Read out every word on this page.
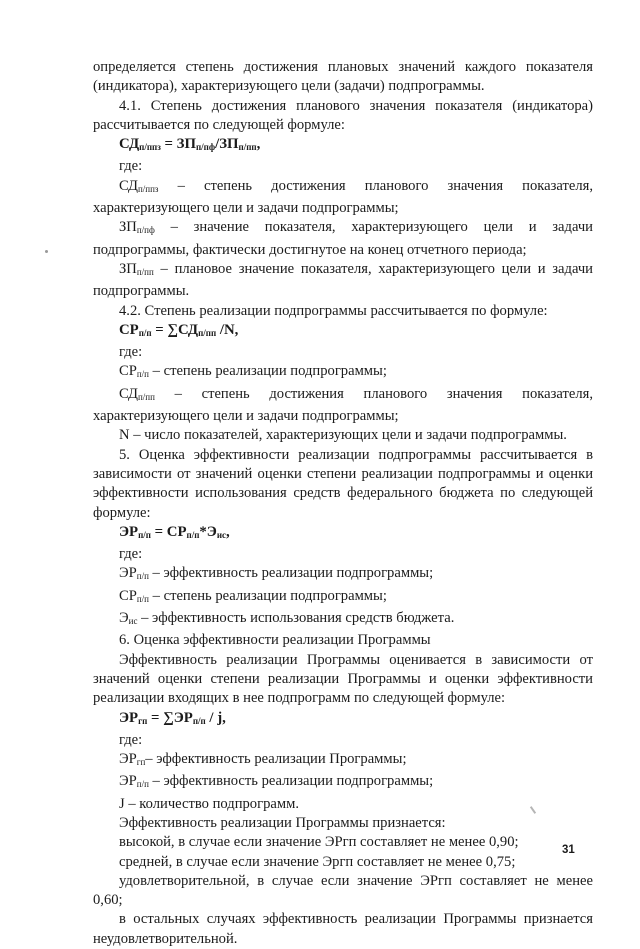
определяется степень достижения плановых значений каждого показателя (индикатора), характеризующего цели (задачи) подпрограммы.

4.1. Степень достижения планового значения показателя (индикатора) рассчитывается по следующей формуле:

$СД_{п/ппз} = ЗП_{п/пф}/ЗП_{п/пп}$,

где:

$СД_{п/ппз}$ – степень достижения планового значения показателя, характеризующего цели и задачи подпрограммы;

$ЗП_{п/пф}$ – значение показателя, характеризующего цели и задачи подпрограммы, фактически достигнутое на конец отчетного периода;

$ЗП_{п/пп}$ – плановое значение показателя, характеризующего цели и задачи подпрограммы.

4.2. Степень реализации подпрограммы рассчитывается по формуле:

$СР_{п/п} = \sum СД_{п/пп}$ /N,

где:

$СР_{п/п}$ – степень реализации подпрограммы;

$СД_{п/пп}$ – степень достижения планового значения показателя, характеризующего цели и задачи подпрограммы;

N – число показателей, характеризующих цели и задачи подпрограммы.

5. Оценка эффективности реализации подпрограммы рассчитывается в зависимости от значений оценки степени реализации подпрограммы и оценки эффективности использования средств федерального бюджета по следующей формуле:

$ЭР_{п/п} = СР_{п/п}*Э_{ис}$,

где:

$ЭР_{п/п}$ – эффективность реализации подпрограммы;

$СР_{п/п}$ – степень реализации подпрограммы;

$Э_{ис}$ – эффективность использования средств бюджета.

6. Оценка эффективности реализации Программы

Эффективность реализации Программы оценивается в зависимости от значений оценки степени реализации Программы и оценки эффективности реализации входящих в нее подпрограмм по следующей формуле:

$ЭР_{гп} = \sum ЭР_{п/п} / j$,

где:

$ЭР_{гп}-$ эффективность реализации Программы;

$ЭР_{п/п}$ – эффективность реализации подпрограммы;

J – количество подпрограмм.

Эффективность реализации Программы признается:

высокой, в случае если значение ЭРгп составляет не менее 0,90;

средней, в случае если значение Эргп составляет не менее 0,75;

удовлетворительной, в случае если значение ЭРгп составляет не менее 0,60;

в остальных случаях эффективность реализации Программы признается неудовлетворительной.

31
